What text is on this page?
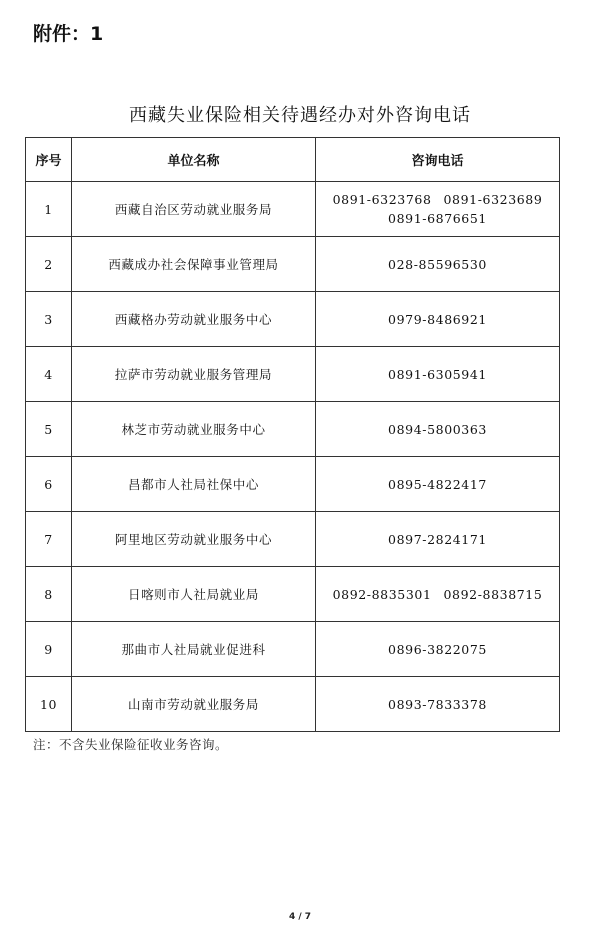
附件：1
西藏失业保险相关待遇经办对外咨询电话
序号	单位名称	咨询电话
1	西藏自治区劳动就业服务局	0891-6323768 0891-6323689
0891-6876651
2	西藏成办社会保障事业管理局	028-85596530
3	西藏格办劳动就业服务中心	0979-8486921
4	拉萨市劳动就业服务管理局	0891-6305941
5	林芝市劳动就业服务中心	0894-5800363
6	昌都市人社局社保中心	0895-4822417
7	阿里地区劳动就业服务中心	0897-2824171
8	日喀则市人社局就业局	0892-8835301 0892-8838715
9	那曲市人社局就业促进科	0896-3822075
10	山南市劳动就业服务局	0893-7833378
注：不含失业保险征收业务咨询。
4 / 7
